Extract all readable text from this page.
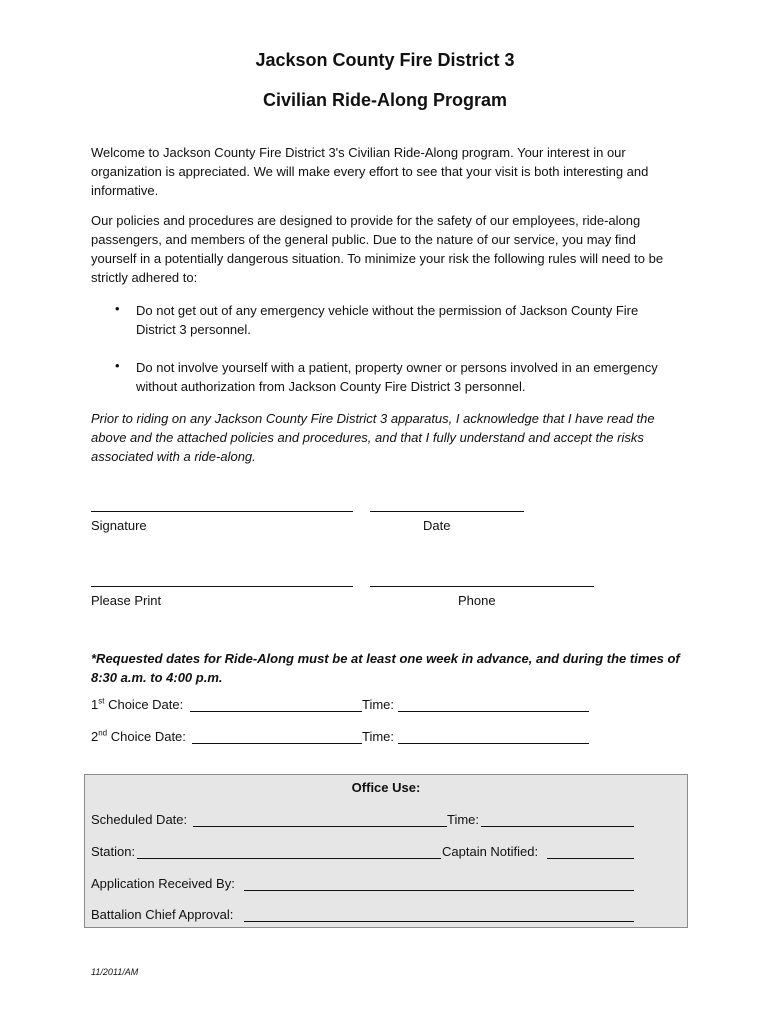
Jackson County Fire District 3
Civilian Ride-Along Program
Welcome to Jackson County Fire District 3's Civilian Ride-Along program. Your interest in our organization is appreciated. We will make every effort to see that your visit is both interesting and informative.
Our policies and procedures are designed to provide for the safety of our employees, ride-along passengers, and members of the general public. Due to the nature of our service, you may find yourself in a potentially dangerous situation. To minimize your risk the following rules will need to be strictly adhered to:
• Do not get out of any emergency vehicle without the permission of Jackson County Fire District 3 personnel.
• Do not involve yourself with a patient, property owner or persons involved in an emergency without authorization from Jackson County Fire District 3 personnel.
Prior to riding on any Jackson County Fire District 3 apparatus, I acknowledge that I have read the above and the attached policies and procedures, and that I fully understand and accept the risks associated with a ride-along.
Signature	Date
Please Print	Phone
*Requested dates for Ride-Along must be at least one week in advance, and during the times of 8:30 a.m. to 4:00 p.m.
1st Choice Date:	Time:
2nd Choice Date:	Time:
Office Use:
Scheduled Date:	Time:
Station:	Captain Notified:
Application Received By:
Battalion Chief Approval:
11/2011/AM
